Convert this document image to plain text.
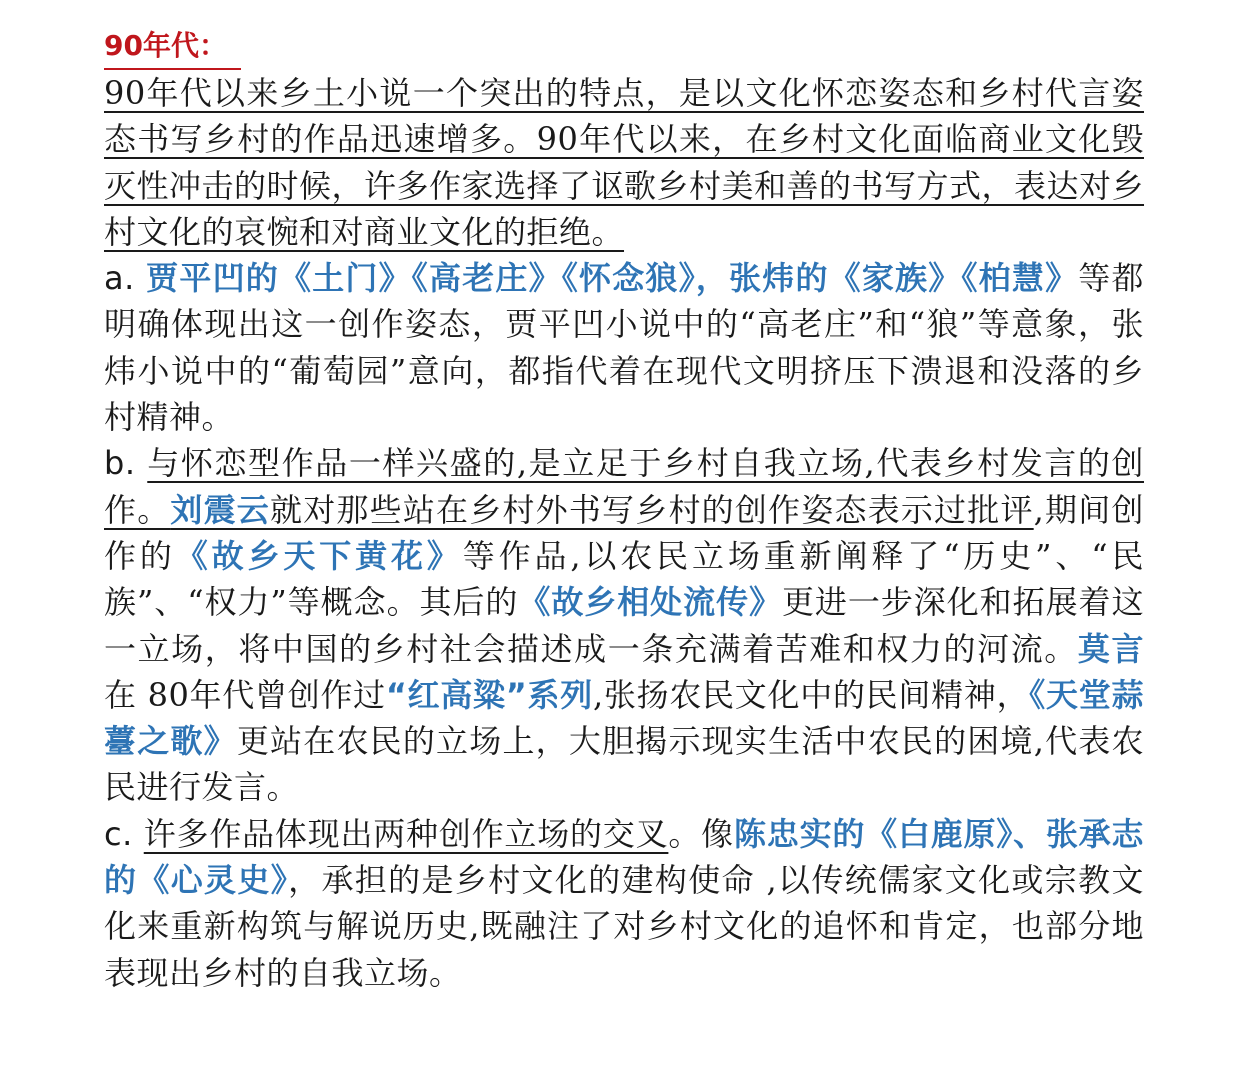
90年代：

90年代以来乡土小说一个突出的特点，是以文化怀恋姿态和乡村代言姿态书写乡村的作品迅速增多。90年代以来，在乡村文化面临商业文化毁灭性冲击的时候，许多作家选择了讴歌乡村美和善的书写方式，表达对乡村文化的哀惋和对商业文化的拒绝。

a. 贾平凹的《土门》《高老庄》《怀念狼》，张炜的《家族》《柏慧》等都明确体现出这一创作姿态，贾平凹小说中的“高老庄”和“狼”等意象，张炜小说中的“葡萄园”意向，都指代着在现代文明挤压下溃退和没落的乡村精神。

b. 与怀恋型作品一样兴盛的,是立足于乡村自我立场,代表乡村发言的创作。刘震云就对那些站在乡村外书写乡村的创作姿态表示过批评,期间创作的《故乡天下黄花》等作品,以农民立场重新阐释了“历史”、“民族”、“权力”等概念。其后的《故乡相处流传》更进一步深化和拓展着这一立场，将中国的乡村社会描述成一条充满着苦难和权力的河流。莫言在 80年代曾创作过“红高粱”系列,张扬农民文化中的民间精神，《天堂蒜薹之歌》更站在农民的立场上，大胆揭示现实生活中农民的困境,代表农民进行发言。

c. 许多作品体现出两种创作立场的交叉。像陈忠实的《白鹿原》、张承志的《心灵史》，承担的是乡村文化的建构使命 ,以传统儒家文化或宗教文化来重新构筑与解说历史,既融注了对乡村文化的追怀和肯定，也部分地表现出乡村的自我立场。
